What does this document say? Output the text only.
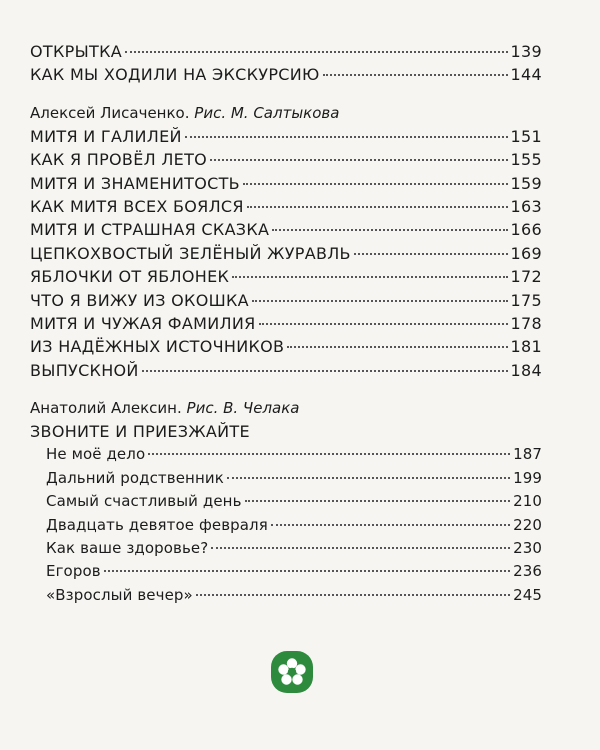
ОТКРЫТКА	139
КАК МЫ ХОДИЛИ НА ЭКСКУРСИЮ	144
Алексей Лисаченко. Рис. М. Салтыкова
МИТЯ И ГАЛИЛЕЙ	151
КАК Я ПРОВЁЛ ЛЕТО	155
МИТЯ И ЗНАМЕНИТОСТЬ	159
КАК МИТЯ ВСЕХ БОЯЛСЯ	163
МИТЯ И СТРАШНАЯ СКАЗКА	166
ЦЕПКОХВОСТЫЙ ЗЕЛЁНЫЙ ЖУРАВЛЬ	169
ЯБЛОЧКИ ОТ ЯБЛОНЕК	172
ЧТО Я ВИЖУ ИЗ ОКОШКА	175
МИТЯ И ЧУЖАЯ ФАМИЛИЯ	178
ИЗ НАДЁЖНЫХ ИСТОЧНИКОВ	181
ВЫПУСКНОЙ	184
Анатолий Алексин. Рис. В. Челака
ЗВОНИТЕ И ПРИЕЗЖАЙТЕ
Не моё дело	187
Дальний родственник	199
Самый счастливый день	210
Двадцать девятое февраля	220
Как ваше здоровье?	230
Егоров	236
«Взрослый вечер»	245
